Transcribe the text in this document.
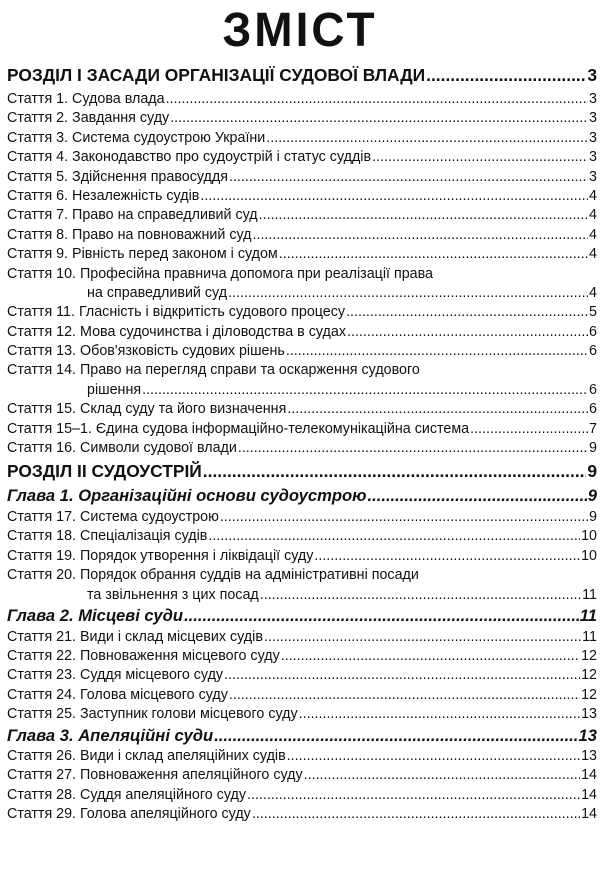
ЗМІСТ
РОЗДІЛ І ЗАСАДИ ОРГАНІЗАЦІЇ СУДОВОЇ ВЛАДИ .....	3
Стаття 1. Судова влада .....	3
Стаття 2. Завдання суду .....	3
Стаття 3. Система судоустрою України .....	3
Стаття 4. Законодавство про судоустрій і статус суддів .....	3
Стаття 5. Здійснення правосуддя .....	3
Стаття 6. Незалежність судів .....	4
Стаття 7. Право на справедливий суд .....	4
Стаття 8. Право на повноважний суд .....	4
Стаття 9. Рівність перед законом і судом .....	4
Стаття 10. Професійна правнича допомога при реалізації права
на справедливий суд .....	4
Стаття 11. Гласність і відкритість судового процесу .....	5
Стаття 12. Мова судочинства і діловодства в судах .....	6
Стаття 13. Обов'язковість судових рішень .....	6
Стаття 14. Право на перегляд справи та оскарження судового
рішення .....	6
Стаття 15. Склад суду та його визначення .....	6
Стаття 15–1. Єдина судова інформаційно-телекомунікаційна система .....	7
Стаття 16. Символи судової влади .....	9
РОЗДІЛ ІІ СУДОУСТРІЙ .....	9
Глава 1. Організаційні основи судоустрою .....	9
Стаття 17. Система судоустрою .....	9
Стаття 18. Спеціалізація судів .....	10
Стаття 19. Порядок утворення і ліквідації суду .....	10
Стаття 20. Порядок обрання суддів на адміністративні посади
та звільнення з цих посад .....	11
Глава 2. Місцеві суди .....	11
Стаття 21. Види і склад місцевих судів .....	11
Стаття 22. Повноваження місцевого суду .....	12
Стаття 23. Суддя місцевого суду .....	12
Стаття 24. Голова місцевого суду .....	12
Стаття 25. Заступник голови місцевого суду .....	13
Глава 3. Апеляційні суди .....	13
Стаття 26. Види і склад апеляційних судів .....	13
Стаття 27. Повноваження апеляційного суду .....	14
Стаття 28. Суддя апеляційного суду .....	14
Стаття 29. Голова апеляційного суду .....	14
